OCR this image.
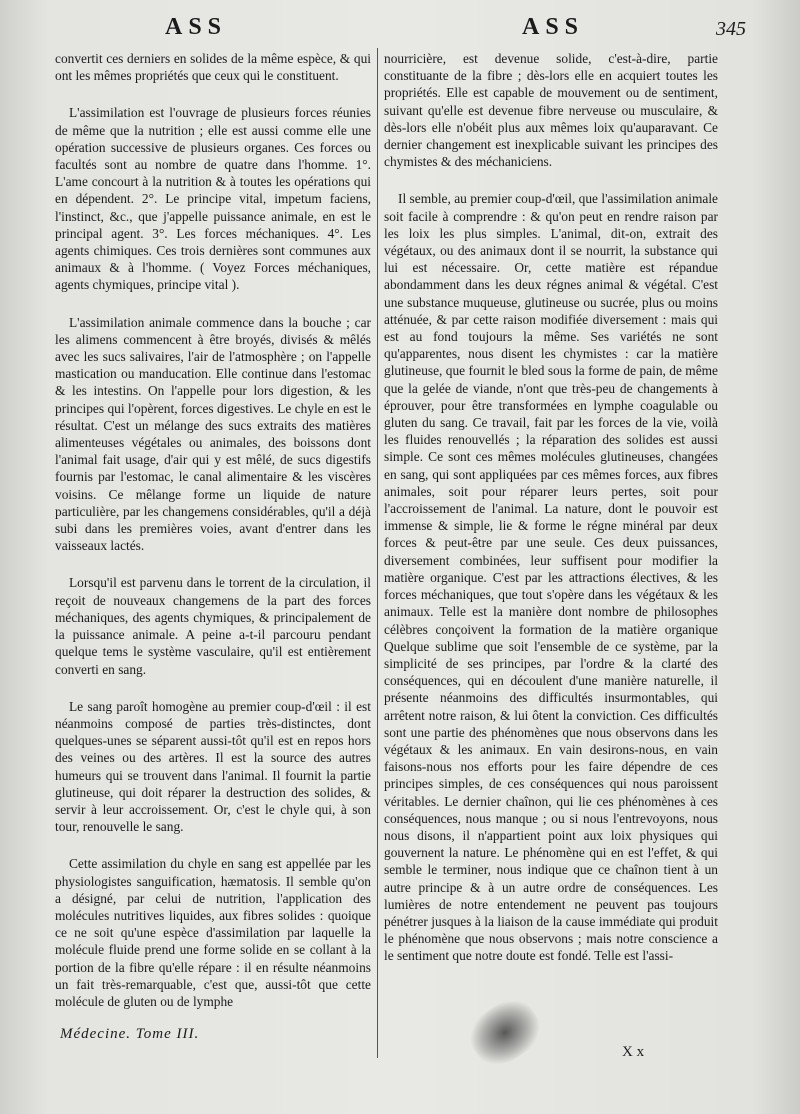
ASS	ASS	345

convertit ces derniers en solides de la même espèce, & qui ont les mêmes propriétés que ceux qui le constituent.

L'assimilation est l'ouvrage de plusieurs forces réunies de même que la nutrition ; elle est aussi comme elle une opération successive de plusieurs organes. Ces forces ou facultés sont au nombre de quatre dans l'homme. 1°. L'ame concourt à la nutrition & à toutes les opérations qui en dépendent. 2°. Le principe vital, impetum faciens, l'instinct, &c., que j'appelle puissance animale, en est le principal agent. 3°. Les forces méchaniques. 4°. Les agents chimiques. Ces trois dernières sont communes aux animaux & à l'homme. ( Voyez Forces méchaniques, agents chymiques, principe vital ).

L'assimilation animale commence dans la bouche ; car les alimens commencent à être broyés, divisés & mêlés avec les sucs salivaires, l'air de l'atmosphère ; on l'appelle mastication ou manducation. Elle continue dans l'estomac & les intestins. On l'appelle pour lors digestion, & les principes qui l'opèrent, forces digestives. Le chyle en est le résultat. C'est un mélange des sucs extraits des matières alimenteuses végétales ou animales, des boissons dont l'animal fait usage, d'air qui y est mêlé, de sucs digestifs fournis par l'estomac, le canal alimentaire & les viscères voisins. Ce mêlange forme un liquide de nature particulière, par les changemens considérables, qu'il a déjà subi dans les premières voies, avant d'entrer dans les vaisseaux lactés.

Lorsqu'il est parvenu dans le torrent de la circulation, il reçoit de nouveaux changemens de la part des forces méchaniques, des agents chymiques, & principalement de la puissance animale. A peine a-t-il parcouru pendant quelque tems le système vasculaire, qu'il est entièrement converti en sang.

Le sang paroît homogène au premier coup-d'œil : il est néanmoins composé de parties très-distinctes, dont quelques-unes se séparent aussi-tôt qu'il est en repos hors des veines ou des artères. Il est la source des autres humeurs qui se trouvent dans l'animal. Il fournit la partie glutineuse, qui doit réparer la destruction des solides, & servir à leur accroissement. Or, c'est le chyle qui, à son tour, renouvelle le sang.

Cette assimilation du chyle en sang est appellée par les physiologistes sanguification, hæmatosis. Il semble qu'on a désigné, par celui de nutrition, l'application des molécules nutritives liquides, aux fibres solides : quoique ce ne soit qu'une espèce d'assimilation par laquelle la molécule fluide prend une forme solide en se collant à la portion de la fibre qu'elle répare : il en résulte néanmoins un fait très-remarquable, c'est que, aussi-tôt que cette molécule de gluten ou de lymphe

nourricière, est devenue solide, c'est-à-dire, partie constituante de la fibre ; dès-lors elle en acquiert toutes les propriétés. Elle est capable de mouvement ou de sentiment, suivant qu'elle est devenue fibre nerveuse ou musculaire, & dès-lors elle n'obéit plus aux mêmes loix qu'auparavant. Ce dernier changement est inexplicable suivant les principes des chymistes & des méchaniciens.

Il semble, au premier coup-d'œil, que l'assimilation animale soit facile à comprendre : & qu'on peut en rendre raison par les loix les plus simples. L'animal, dit-on, extrait des végétaux, ou des animaux dont il se nourrit, la substance qui lui est nécessaire. Or, cette matière est répandue abondamment dans les deux régnes animal & végétal. C'est une substance muqueuse, glutineuse ou sucrée, plus ou moins atténuée, & par cette raison modifiée diversement : mais qui est au fond toujours la même. Ses variétés ne sont qu'apparentes, nous disent les chymistes : car la matière glutineuse, que fournit le bled sous la forme de pain, de même que la gelée de viande, n'ont que très-peu de changements à éprouver, pour être transformées en lymphe coagulable ou gluten du sang. Ce travail, fait par les forces de la vie, voilà les fluides renouvellés ; la réparation des solides est aussi simple. Ce sont ces mêmes molécules glutineuses, changées en sang, qui sont appliquées par ces mêmes forces, aux fibres animales, soit pour réparer leurs pertes, soit pour l'accroissement de l'animal. La nature, dont le pouvoir est immense & simple, lie & forme le régne minéral par deux forces & peut-être par une seule. Ces deux puissances, diversement combinées, leur suffisent pour modifier la matière organique. C'est par les attractions électives, & les forces méchaniques, que tout s'opère dans les végétaux & les animaux. Telle est la manière dont nombre de philosophes célèbres conçoivent la formation de la matière organique Quelque sublime que soit l'ensemble de ce système, par la simplicité de ses principes, par l'ordre & la clarté des conséquences, qui en découlent d'une manière naturelle, il présente néanmoins des difficultés insurmontables, qui arrêtent notre raison, & lui ôtent la conviction. Ces difficultés sont une partie des phénomènes que nous observons dans les végétaux & les animaux. En vain desirons-nous, en vain faisons-nous nos efforts pour les faire dépendre de ces principes simples, de ces conséquences qui nous paroissent véritables. Le dernier chaînon, qui lie ces phénomènes à ces conséquences, nous manque ; ou si nous l'entrevoyons, nous nous disons, il n'appartient point aux loix physiques qui gouvernent la nature. Le phénomène qui en est l'effet, & qui semble le terminer, nous indique que ce chaînon tient à un autre principe & à un autre ordre de conséquences. Les lumières de notre entendement ne peuvent pas toujours pénétrer jusques à la liaison de la cause immédiate qui produit le phénomène que nous observons ; mais notre conscience a le sentiment que notre doute est fondé. Telle est l'assi-

Médecine. Tome III.
X x
